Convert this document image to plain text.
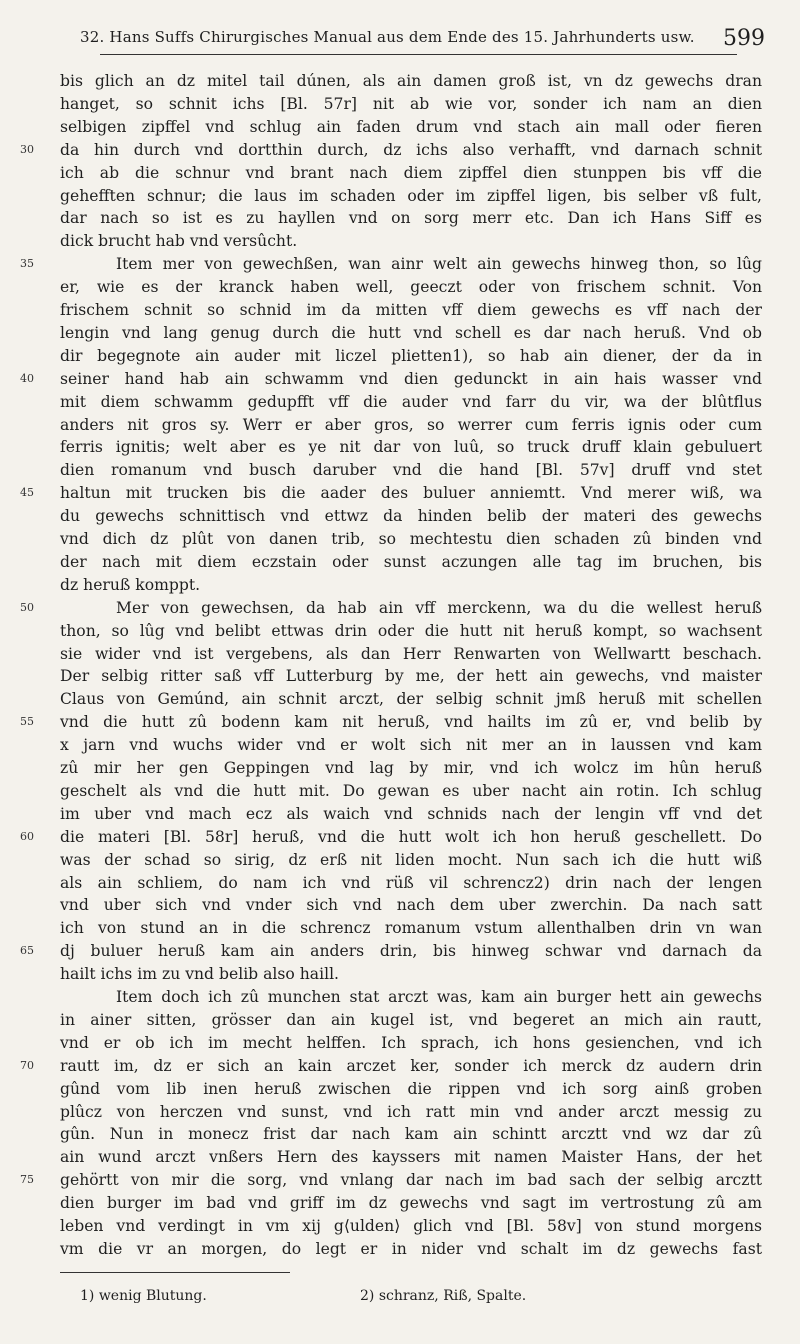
32. Hans Suffs Chirurgisches Manual aus dem Ende des 15. Jahrhunderts usw. 599
bis glich an dz mitel tail dúnen, als ain damen groß ist, vn dz gewechs dran
hanget, so schnit ichs [Bl. 57r] nit ab wie vor, sonder ich nam an dien
selbigen zipffel vnd schlug ain faden drum vnd stach ain mall oder fieren
da hin durch vnd dortthin durch, dz ichs also verhafft, vnd darnach schnit
30
ich ab die schnur vnd brant nach diem zipffel dien stunppen bis vff die
gehefften schnur; die laus im schaden oder im zipffel ligen, bis selber vß fult,
dar nach so ist es zu hayllen vnd on sorg merr etc. Dan ich Hans Siff es
dick brucht hab vnd versûcht.
Item mer von gewechßen, wan ainr welt ain gewechs hinweg thon, so lûg
35
er, wie es der kranck haben well, geeczt oder von frischem schnit. Von
frischem schnit so schnid im da mitten vff diem gewechs es vff nach der
lengin vnd lang genug durch die hutt vnd schell es dar nach heruß. Vnd ob
dir begegnote ain auder mit liczel plietten1), so hab ain diener, der da in
seiner hand hab ain schwamm vnd dien gedunckt in ain hais wasser vnd
40
mit diem schwamm gedupfft vff die auder vnd farr du vir, wa der blûtflus
anders nit gros sy. Werr er aber gros, so werrer cum ferris ignis oder cum
ferris ignitis; welt aber es ye nit dar von luû, so truck druff klain gebuluert
dien romanum vnd busch daruber vnd die hand [Bl. 57v] druff vnd stet
haltun mit trucken bis die aader des buluer anniemtt. Vnd merer wiß, wa
45
du gewechs schnittisch vnd ettwz da hinden belib der materi des gewechs
vnd dich dz plût von danen trib, so mechtestu dien schaden zû binden vnd
der nach mit diem eczstain oder sunst aczungen alle tag im bruchen, bis
dz heruß komppt.
Mer von gewechsen, da hab ain vff merckenn, wa du die wellest heruß
50
thon, so lûg vnd belibt ettwas drin oder die hutt nit heruß kompt, so wachsent
sie wider vnd ist vergebens, als dan Herr Renwarten von Wellwartt beschach.
Der selbig ritter saß vff Lutterburg by me, der hett ain gewechs, vnd maister
Claus von Gemúnd, ain schnit arczt, der selbig schnit jmß heruß mit schellen
vnd die hutt zû bodenn kam nit heruß, vnd hailts im zû er, vnd belib by
55
x jarn vnd wuchs wider vnd er wolt sich nit mer an in laussen vnd kam
zû mir her gen Geppingen vnd lag by mir, vnd ich wolcz im hûn heruß
geschelt als vnd die hutt mit. Do gewan es uber nacht ain rotin. Ich schlug
im uber vnd mach ecz als waich vnd schnids nach der lengin vff vnd det
die materi [Bl. 58r] heruß, vnd die hutt wolt ich hon heruß geschellett. Do
60
was der schad so sirig, dz erß nit liden mocht. Nun sach ich die hutt wiß
als ain schliem, do nam ich vnd rüß vil schrencz2) drin nach der lengen
vnd uber sich vnd vnder sich vnd nach dem uber zwerchin. Da nach satt
ich von stund an in die schrencz romanum vstum allenthalben drin vn wan
dj buluer heruß kam ain anders drin, bis hinweg schwar vnd darnach da
65
hailt ichs im zu vnd belib also haill.
Item doch ich zû munchen stat arczt was, kam ain burger hett ain gewechs
in ainer sitten, grösser dan ain kugel ist, vnd begeret an mich ain rautt,
vnd er ob ich im mecht helffen. Ich sprach, ich hons gesienchen, vnd ich
rautt im, dz er sich an kain arczet ker, sonder ich merck dz audern drin
70
gûnd vom lib inen heruß zwischen die rippen vnd ich sorg ainß groben
plûcz von herczen vnd sunst, vnd ich ratt min vnd ander arczt messig zu
gûn. Nun in monecz frist dar nach kam ain schintt arcztt vnd wz dar zû
ain wund arczt vnßers Hern des kayssers mit namen Maister Hans, der het
gehörtt von mir die sorg, vnd vnlang dar nach im bad sach der selbig arcztt
75
dien burger im bad vnd griff im dz gewechs vnd sagt im vertrostung zû am
leben vnd verdingt in vm xij g⟨ulden⟩ glich vnd [Bl. 58v] von stund morgens
vm die vr an morgen, do legt er in nider vnd schalt im dz gewechs fast
1) wenig Blutung.	2) schranz, Riß, Spalte.
